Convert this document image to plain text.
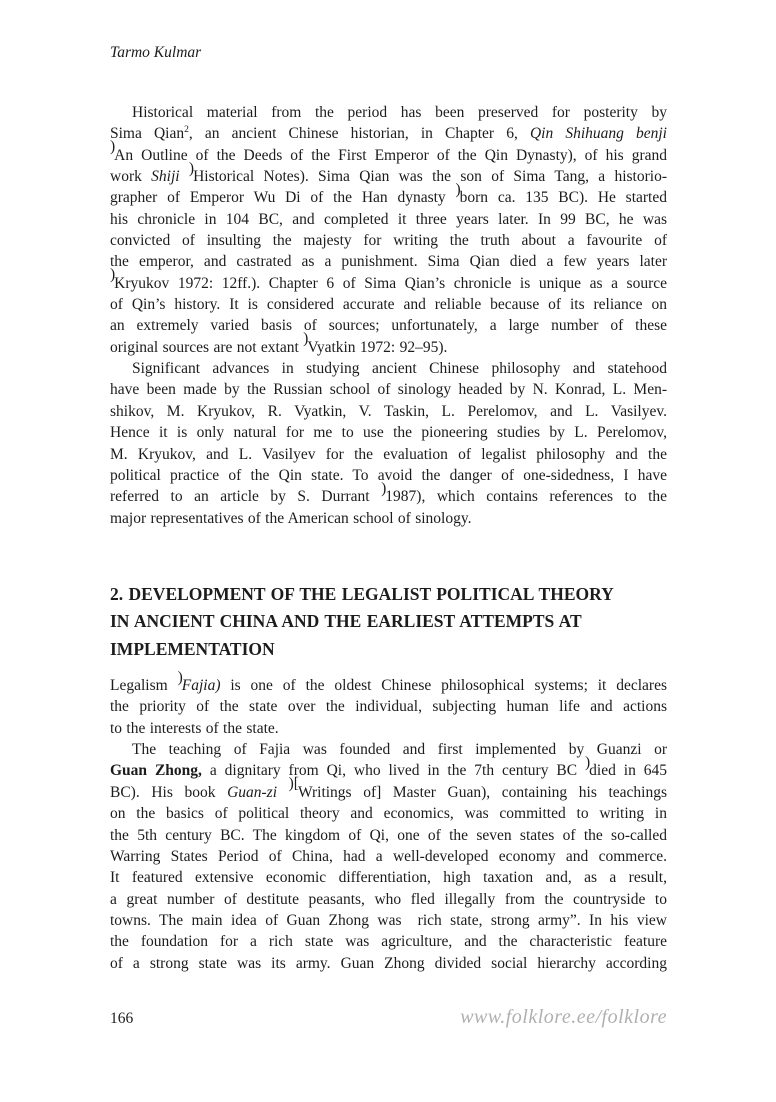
Tarmo Kulmar
Historical material from the period has been preserved for posterity by
Sima Qian$^2$, an ancient Chinese historian, in Chapter 6, Qin Shihuang benji
)An Outline of the Deeds of the First Emperor of the Qin Dynasty), of his grand
work Shiji )Historical Notes). Sima Qian was the son of Sima Tang, a historio-
grapher of Emperor Wu Di of the Han dynasty )born ca. 135 BC). He started
his chronicle in 104 BC, and completed it three years later. In 99 BC, he was
convicted of insulting the majesty for writing the truth about a favourite of
the emperor, and castrated as a punishment. Sima Qian died a few years later
)Kryukov 1972: 12ff.). Chapter 6 of Sima Qian’s chronicle is unique as a source
of Qin’s history. It is considered accurate and reliable because of its reliance on
an extremely varied basis of sources; unfortunately, a large number of these
original sources are not extant )Vyatkin 1972: 92–95).
Significant advances in studying ancient Chinese philosophy and statehood
have been made by the Russian school of sinology headed by N. Konrad, L. Men-
shikov, M. Kryukov, R. Vyatkin, V. Taskin, L. Perelomov, and L. Vasilyev.
Hence it is only natural for me to use the pioneering studies by L. Perelomov,
M. Kryukov, and L. Vasilyev for the evaluation of legalist philosophy and the
political practice of the Qin state. To avoid the danger of one-sidedness, I have
referred to an article by S. Durrant )1987), which contains references to the
major representatives of the American school of sinology.
2. DEVELOPMENT OF THE LEGALIST POLITICAL THEORY
IN ANCIENT CHINA AND THE EARLIEST ATTEMPTS AT
IMPLEMENTATION
Legalism )Fajia) is one of the oldest Chinese philosophical systems; it declares
the priority of the state over the individual, subjecting human life and actions
to the interests of the state.
The teaching of Fajia was founded and first implemented by Guanzi or
Guan Zhong, a dignitary from Qi, who lived in the 7th century BC )died in 645
BC). His book Guan-zi )[Writings of] Master Guan), containing his teachings
on the basics of political theory and economics, was committed to writing in
the 5th century BC. The kingdom of Qi, one of the seven states of the so-called
Warring States Period of China, had a well-developed economy and commerce.
It featured extensive economic differentiation, high taxation and, as a result,
a great number of destitute peasants, who fled illegally from the countryside to
towns. The main idea of Guan Zhong was  rich state, strong army”. In his view
the foundation for a rich state was agriculture, and the characteristic feature
of a strong state was its army. Guan Zhong divided social hierarchy according
166	www.folklore.ee/folklore
